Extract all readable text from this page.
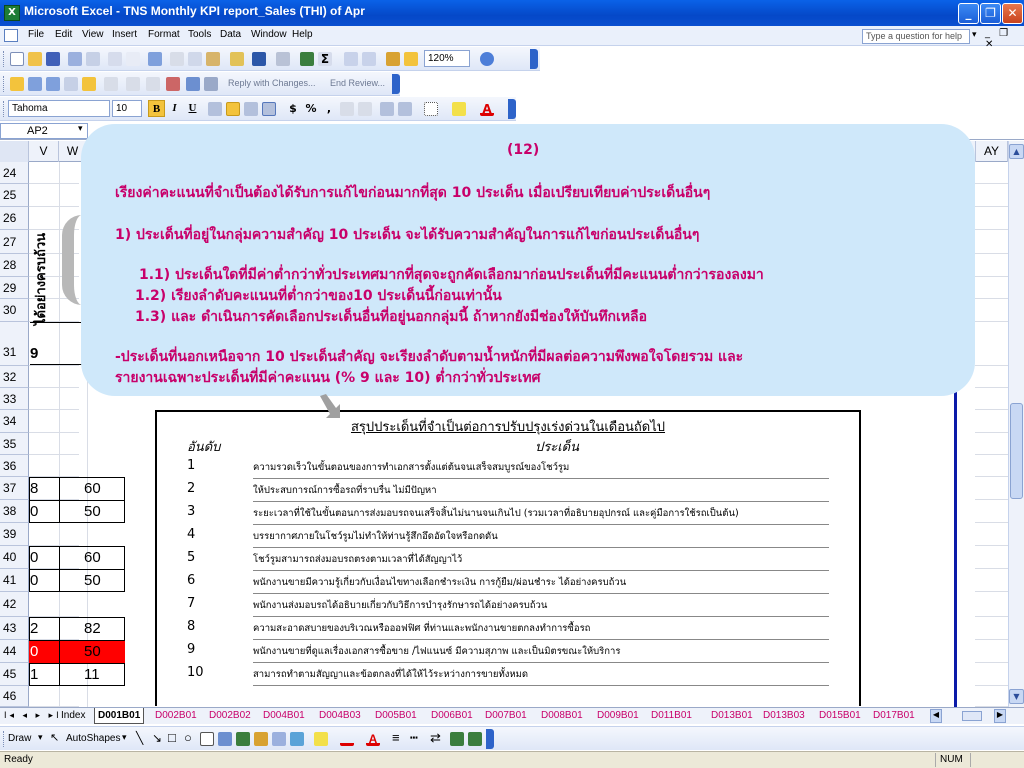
X Microsoft Excel - TNS Monthly KPI report_Sales (THI) of Apr	_	❐ ✕
File Edit View Insert Format Tools Data Window Help	Type a question for help	▾ _ ❐ ✕
Σ	120%
Reply with Changes... End Review...
Tahoma	10	B	I	U	$ % ,	A
AP2	▾
V	W	AY
24
25
26
27
28
29
30
31
32
33
34
35
36
37
38
39
40
41
42
43
44
45
46
ได้อย่างครบถ้วน
9
8	60
0	50
0	60
0	50
2	82
0	50
1	11
สรุปประเด็นที่จำเป็นต่อการปรับปรุงเร่งด่วนในเดือนถัดไป
อันดับ	ประเด็น
1	ความรวดเร็วในขั้นตอนของการทำเอกสารตั้งแต่ต้นจนเสร็จสมบูรณ์ของโชว์รูม
2	ให้ประสบการณ์การซื้อรถที่ราบรื่น ไม่มีปัญหา
3	ระยะเวลาที่ใช้ในขั้นตอนการส่งมอบรถจนเสร็จสิ้นไม่นานจนเกินไป (รวมเวลาที่อธิบายอุปกรณ์ และคู่มือการใช้รถเป็นต้น)
4	บรรยากาศภายในโชว์รูมไม่ทำให้ท่านรู้สึกอึดอัดใจหรือกดดัน
5	โชว์รูมสามารถส่งมอบรถตรงตามเวลาที่ได้สัญญาไว้
6	พนักงานขายมีความรู้เกี่ยวกับเงื่อนไขทางเลือกชำระเงิน การกู้ยืม/ผ่อนชำระ ได้อย่างครบถ้วน
7	พนักงานส่งมอบรถได้อธิบายเกี่ยวกับวิธีการบำรุงรักษารถได้อย่างครบถ้วน
8	ความสะอาดสบายของบริเวณหรือออฟฟิศ ที่ท่านและพนักงานขายตกลงทำการซื้อรถ
9	พนักงานขายที่ดูแลเรื่องเอกสารซื้อขาย /ไฟแนนซ์ มีความสุภาพ และเป็นมิตรขณะให้บริการ
10	สามารถทำตามสัญญาและข้อตกลงที่ได้ให้ไว้ระหว่างการขายทั้งหมด
(12)
เรียงค่าคะแนนที่จำเป็นต้องได้รับการแก้ไขก่อนมากที่สุด 10 ประเด็น เมื่อเปรียบเทียบค่าประเด็นอื่นๆ
1) ประเด็นที่อยู่ในกลุ่มความสำคัญ 10 ประเด็น จะได้รับความสำคัญในการแก้ไขก่อนประเด็นอื่นๆ
1.1) ประเด็นใดที่มีค่าต่ำกว่าทั่วประเทศมากที่สุดจะถูกคัดเลือกมาก่อนประเด็นที่มีคะแนนต่ำกว่ารองลงมา
1.2) เรียงลำดับคะแนนที่ต่ำกว่าของ10 ประเด็นนี้ก่อนเท่านั้น
1.3) และ ดำเนินการคัดเลือกประเด็นอื่นที่อยู่นอกกลุ่มนี้ ถ้าหากยังมีช่องให้บันทึกเหลือ
-ประเด็นที่นอกเหนือจาก 10 ประเด็นสำคัญ จะเรียงลำดับตามน้ำหนักที่มีผลต่อความพึงพอใจโดยรวม และ
รายงานเฉพาะประเด็นที่มีค่าคะแนน (% 9 และ 10) ต่ำกว่าทั่วประเทศ
▲
▼
I◂ ◂ ▸ ▸I Index	D001B01	D002B01	D002B02	D004B01	D004B03	D005B01	D006B01	D007B01	D008B01	D009B01	D011B01	D013B01	D013B03	D015B01	D017B01	◀	▶
Draw ▾ ↖ AutoShapes ▾ ╲ ↘ □ ○	A ≡ ┅ ⇄
Ready	NUM
